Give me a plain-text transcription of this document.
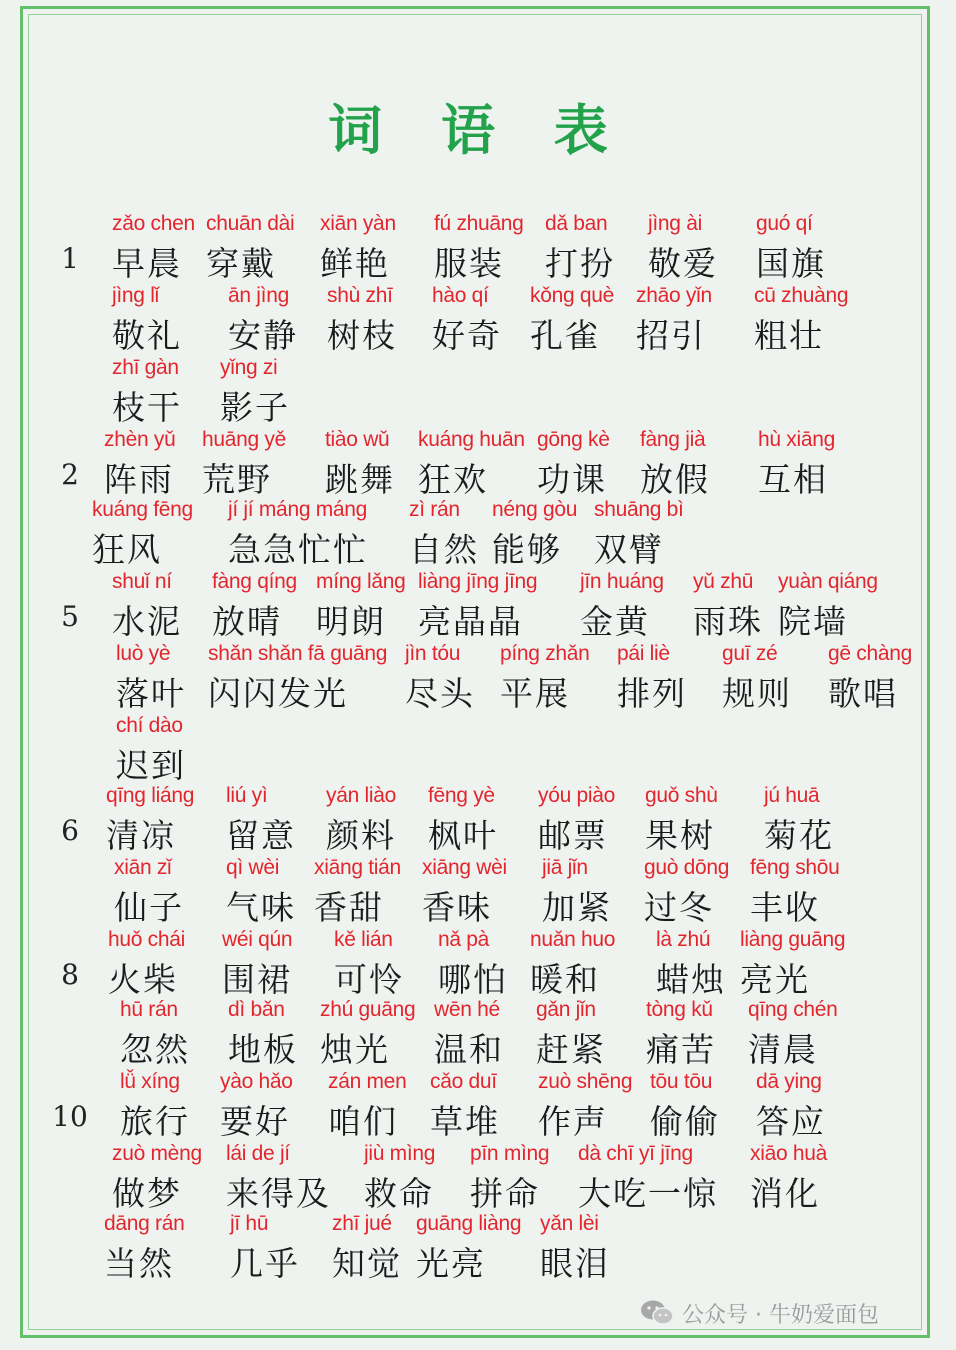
词 语 表
1
zǎo chen
早晨
chuān dài
穿戴
xiān yàn
鲜艳
fú zhuāng
服装
dǎ ban
打扮
jìng ài
敬爱
guó qí
国旗
jìng lǐ
敬礼
ān jìng
安静
shù zhī
树枝
hào qí
好奇
kǒng què
孔雀
zhāo yǐn
招引
cū zhuàng
粗壮
zhī gàn
枝干
yǐng zi
影子
2
zhèn yǔ
阵雨
huāng yě
荒野
tiào wǔ
跳舞
kuáng huān
狂欢
gōng kè
功课
fàng jià
放假
hù xiāng
互相
kuáng fēng
狂风
jí jí máng máng
急急忙忙
zì rán
自然
néng gòu
能够
shuāng bì
双臂
5
shuǐ ní
水泥
fàng qíng
放晴
míng lǎng
明朗
liàng jīng jīng
亮晶晶
jīn huáng
金黄
yǔ zhū
雨珠
yuàn qiáng
院墙
luò yè
落叶
shǎn shǎn fā guāng
闪闪发光
jìn tóu
尽头
píng zhǎn
平展
pái liè
排列
guī zé
规则
gē chàng
歌唱
chí dào
迟到
6
qīng liáng
清凉
liú yì
留意
yán liào
颜料
fēng yè
枫叶
yóu piào
邮票
guǒ shù
果树
jú huā
菊花
xiān zǐ
仙子
qì wèi
气味
xiāng tián
香甜
xiāng wèi
香味
jiā jǐn
加紧
guò dōng
过冬
fēng shōu
丰收
8
huǒ chái
火柴
wéi qún
围裙
kě lián
可怜
nǎ pà
哪怕
nuǎn huo
暖和
là zhú
蜡烛
liàng guāng
亮光
hū rán
忽然
dì bǎn
地板
zhú guāng
烛光
wēn hé
温和
gǎn jǐn
赶紧
tòng kǔ
痛苦
qīng chén
清晨
10
lǚ xíng
旅行
yào hǎo
要好
zán men
咱们
cǎo duī
草堆
zuò shēng
作声
tōu tōu
偷偷
dā ying
答应
zuò mèng
做梦
lái de jí
来得及
jiù mìng
救命
pīn mìng
拼命
dà chī yī jīng
大吃一惊
xiāo huà
消化
dāng rán
当然
jī hū
几乎
zhī jué
知觉
guāng liàng
光亮
yǎn lèi
眼泪
公众号 · 牛奶爱面包
